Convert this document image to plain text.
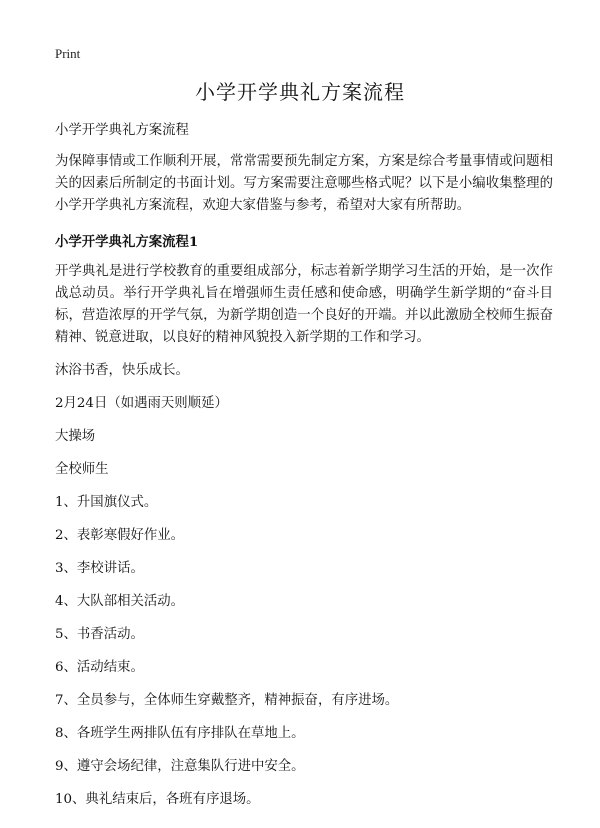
Print
小学开学典礼方案流程

小学开学典礼方案流程

为保障事情或工作顺利开展，常常需要预先制定方案，方案是综合考量事情或问题相关的因素后所制定的书面计划。写方案需要注意哪些格式呢？以下是小编收集整理的小学开学典礼方案流程，欢迎大家借鉴与参考，希望对大家有所帮助。

小学开学典礼方案流程1

开学典礼是进行学校教育的重要组成部分，标志着新学期学习生活的开始，是一次作战总动员。举行开学典礼旨在增强师生责任感和使命感，明确学生新学期的“奋斗目标，营造浓厚的开学气氛，为新学期创造一个良好的开端。并以此激励全校师生振奋精神、锐意进取，以良好的精神风貌投入新学期的工作和学习。

沐浴书香，快乐成长。

2月24日（如遇雨天则顺延）

大操场

全校师生

1、升国旗仪式。

2、表彰寒假好作业。

3、李校讲话。

4、大队部相关活动。

5、书香活动。

6、活动结束。

7、全员参与，全体师生穿戴整齐，精神振奋，有序进场。

8、各班学生两排队伍有序排队在草地上。

9、遵守会场纪律，注意集队行进中安全。

10、典礼结束后，各班有序退场。
